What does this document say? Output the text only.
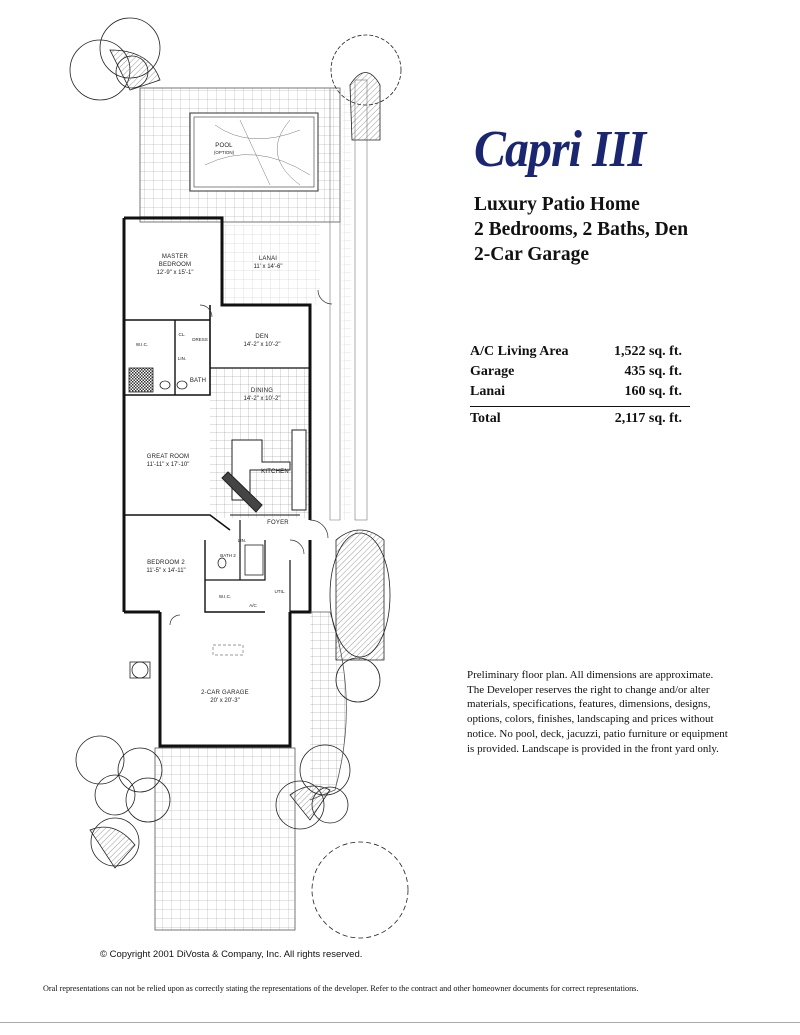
POOL
(OPTION)
MASTER
BEDROOM
12'-9" x 15'-1"
LANAI
11' x 14'-6"
DEN
14'-2" x 10'-2"
W.I.C.
CL.
DRESS
LIN.
BATH
DINING
14'-2" x 10'-2"
GREAT ROOM
11'-11" x 17'-10"
KITCHEN
FOYER
LIN.
BATH 2
BEDROOM 2
11'-5" x 14'-11"
W.I.C.
UTIL.
A/C
2-CAR GARAGE
20' x 20'-3"
Capri III
Luxury Patio Home
2 Bedrooms, 2 Baths, Den
2-Car Garage
A/C Living Area	1,522 sq. ft.
Garage	435 sq. ft.
Lanai	160 sq. ft.
Total	2,117 sq. ft.
Preliminary floor plan. All dimensions are approximate. The Developer reserves the right to change and/or alter materials, specifications, features, dimensions, designs, options, colors, finishes, landscaping and prices without notice. No pool, deck, jacuzzi, patio furniture or equipment is provided. Landscape is provided in the front yard only.
© Copyright 2001 DiVosta & Company, Inc. All rights reserved.
Oral representations can not be relied upon as correctly stating the representations of the developer. Refer to the contract and other homeowner documents for correct representations.
